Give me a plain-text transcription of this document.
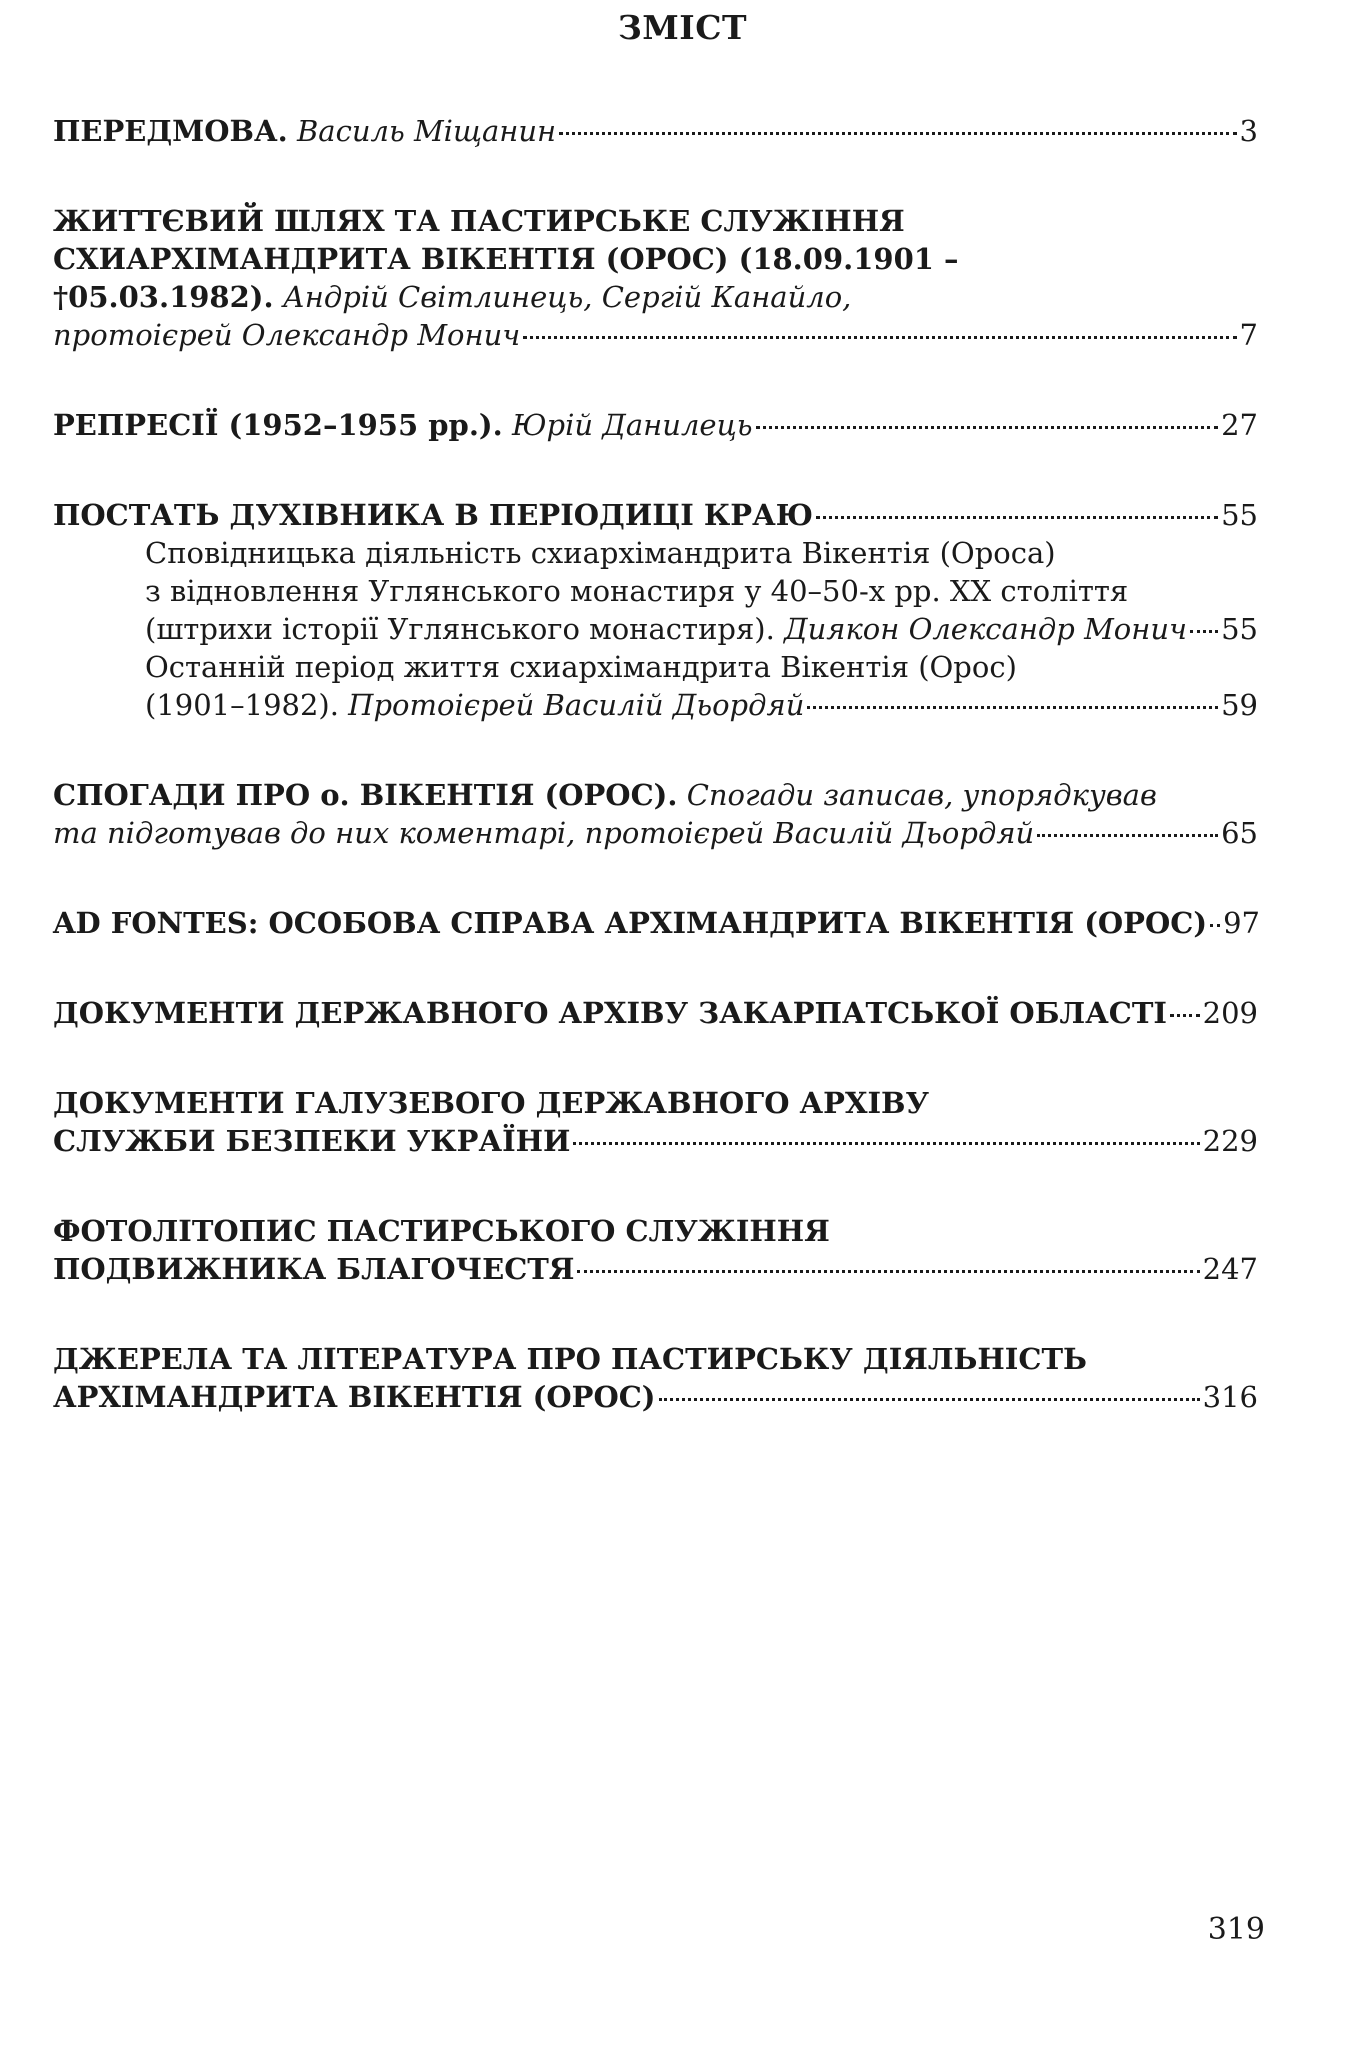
ЗМІСТ
ПЕРЕДМОВА.
Василь Міщанин	3
ЖИТТЄВИЙ ШЛЯХ ТА ПАСТИРСЬКЕ СЛУЖІННЯ
СХИАРХІМАНДРИТА ВІКЕНТІЯ (ОРОС) (18.09.1901 –
†05.03.1982).
Андрій Світлинець, Сергій Канайло,
протоієрей Олександр Монич	7
РЕПРЕСІЇ (1952–1955 рр.).
Юрій Данилець	27
ПОСТАТЬ ДУХІВНИКА В ПЕРІОДИЦІ КРАЮ	55
Сповідницька діяльність схиархімандрита Вікентія (Ороса)
з відновлення Углянського монастиря у 40–50-х рр. ХХ століття
(штрихи історії Углянського монастиря).
Диякон Олександр Монич 55
Останній період життя схиархімандрита Вікентія (Орос)
(1901–1982).
Протоієрей Василій Дьордяй	59
СПОГАДИ ПРО о. ВІКЕНТІЯ (ОРОС).
Спогади записав, упорядкував
та підготував до них коментарі, протоієрей Василій Дьордяй	65
AD FONTES: ОСОБОВА СПРАВА АРХІМАНДРИТА ВІКЕНТІЯ (ОРОС) 97
ДОКУМЕНТИ ДЕРЖАВНОГО АРХІВУ ЗАКАРПАТСЬКОЇ ОБЛАСТІ 209
ДОКУМЕНТИ ГАЛУЗЕВОГО ДЕРЖАВНОГО АРХІВУ
СЛУЖБИ БЕЗПЕКИ УКРАЇНИ	229
ФОТОЛІТОПИС ПАСТИРСЬКОГО СЛУЖІННЯ
ПОДВИЖНИКА БЛАГОЧЕСТЯ	247
ДЖЕРЕЛА ТА ЛІТЕРАТУРА ПРО ПАСТИРСЬКУ ДІЯЛЬНІСТЬ
АРХІМАНДРИТА ВІКЕНТІЯ (ОРОС)	316
319
